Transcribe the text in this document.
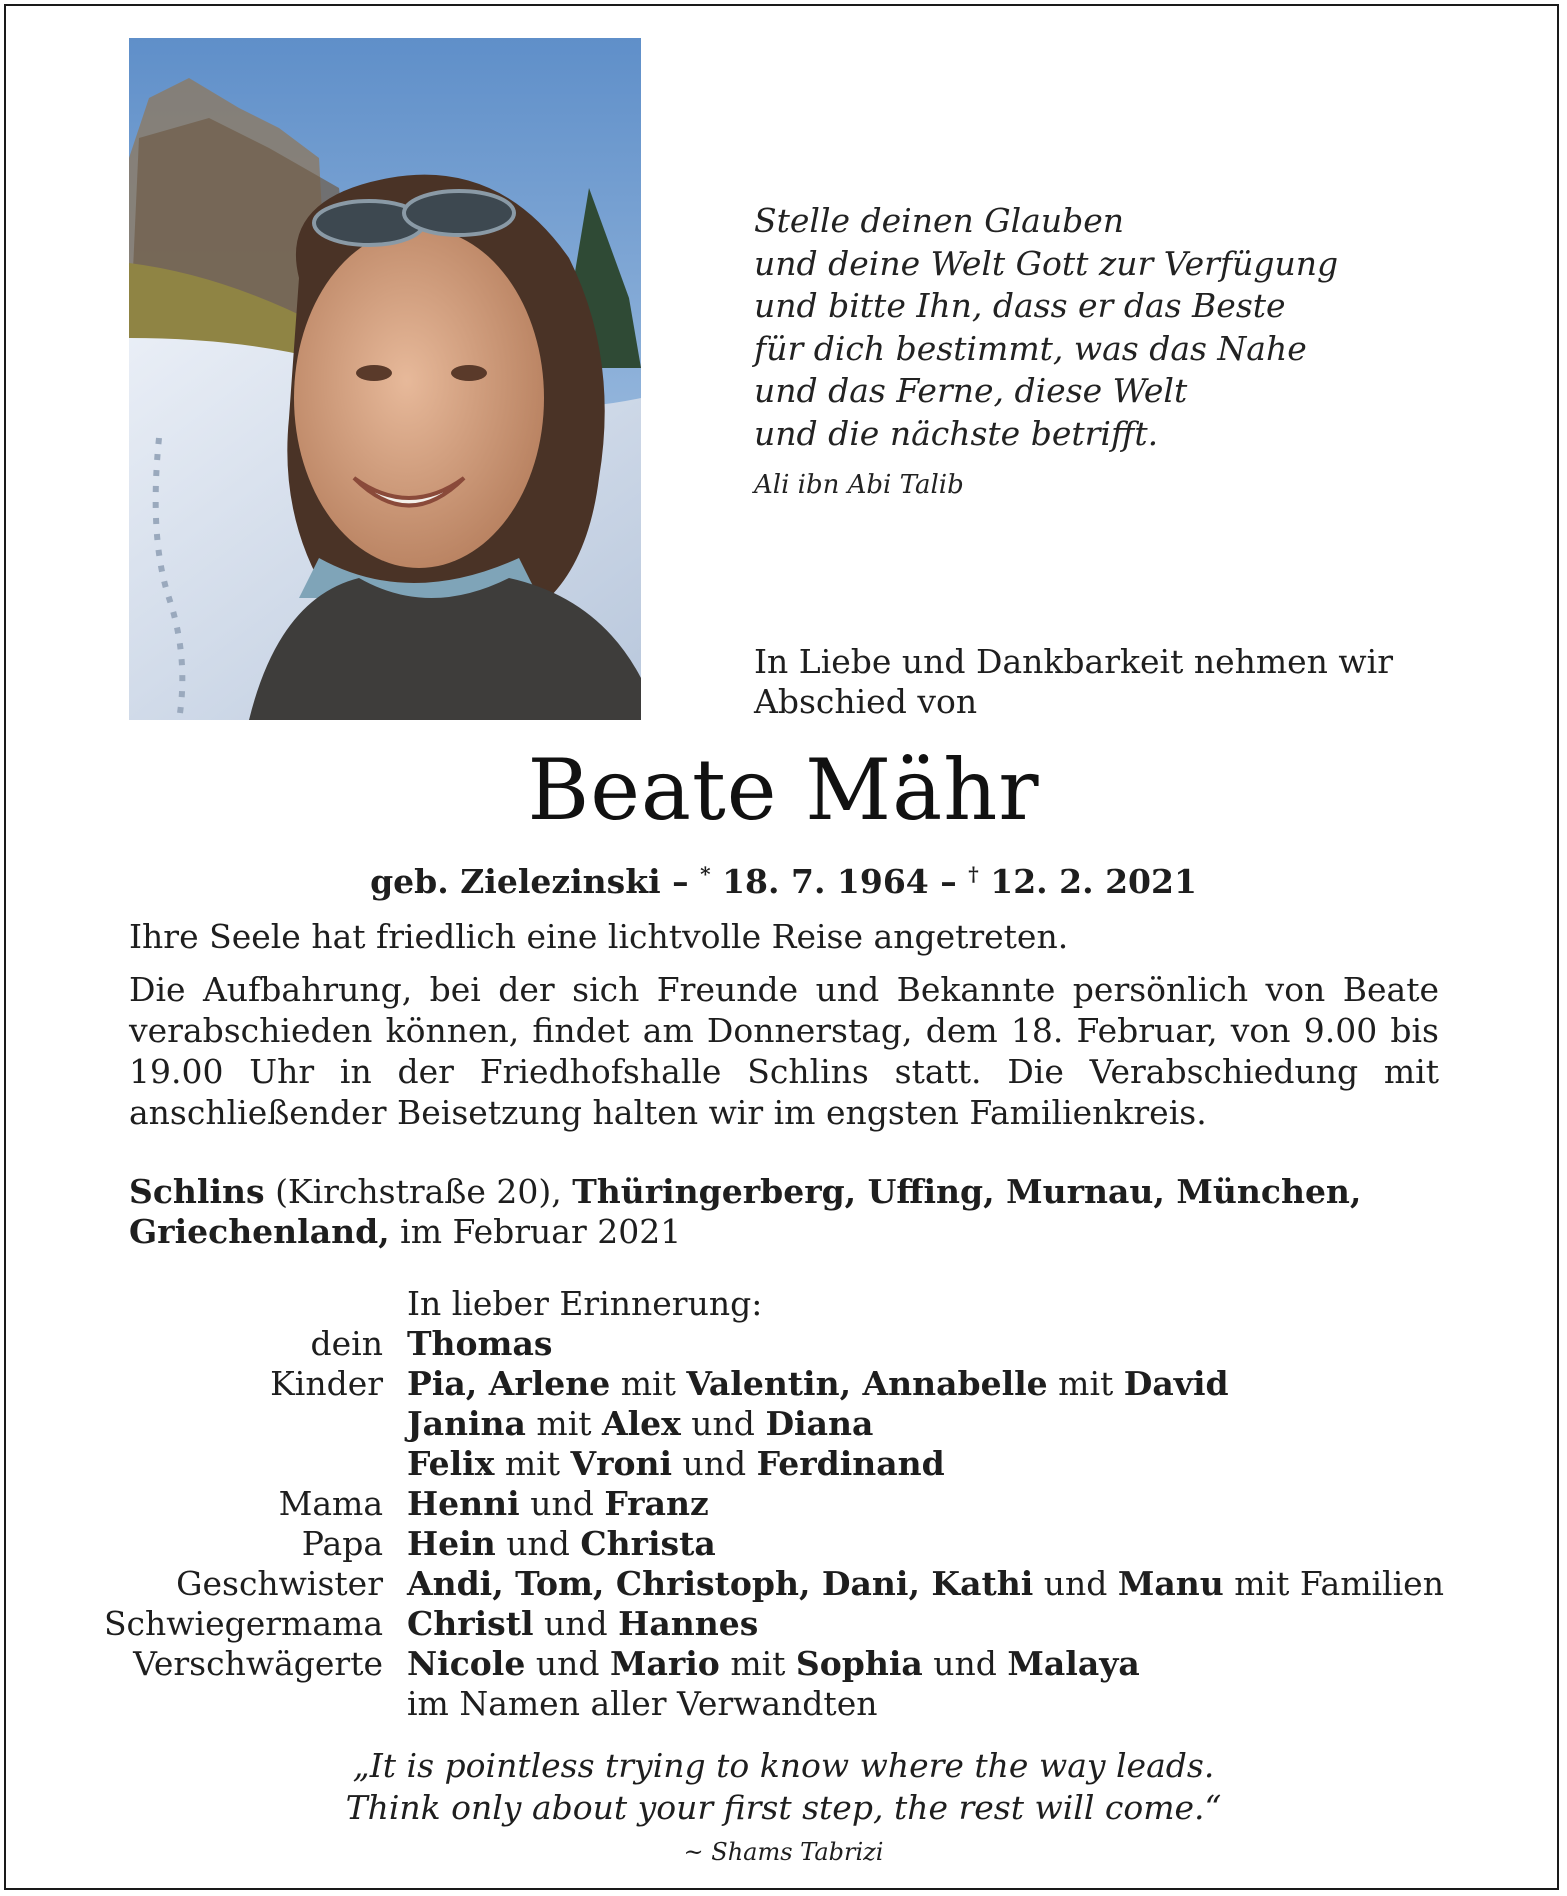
Stelle deinen Glauben
und deine Welt Gott zur Verfügung
und bitte Ihn, dass er das Beste
für dich bestimmt, was das Nahe
und das Ferne, diese Welt
und die nächste betrifft.
Ali ibn Abi Talib
In Liebe und Dankbarkeit nehmen wir
Abschied von
Beate Mähr
geb. Zielezinski – * 18. 7. 1964 – † 12. 2. 2021
Ihre Seele hat friedlich eine lichtvolle Reise angetreten.
Die Aufbahrung, bei der sich Freunde und Bekannte persönlich von Beate verabschieden können, findet am Donnerstag, dem 18. Februar, von 9.00 bis 19.00 Uhr in der Friedhofshalle Schlins statt. Die Verabschiedung mit anschließender Beisetzung halten wir im engsten Familienkreis.
Schlins (Kirchstraße 20), Thüringerberg, Uffing, Murnau, München,
Griechenland, im Februar 2021
In lieber Erinnerung:
dein Thomas
Kinder Pia, Arlene mit Valentin, Annabelle mit David
Janina mit Alex und Diana
Felix mit Vroni und Ferdinand
Mama Henni und Franz
Papa Hein und Christa
Geschwister Andi, Tom, Christoph, Dani, Kathi und Manu mit Familien
Schwiegermama Christl und Hannes
Verschwägerte Nicole und Mario mit Sophia und Malaya
im Namen aller Verwandten
„It is pointless trying to know where the way leads.
Think only about your first step, the rest will come.“
~ Shams Tabrizi
